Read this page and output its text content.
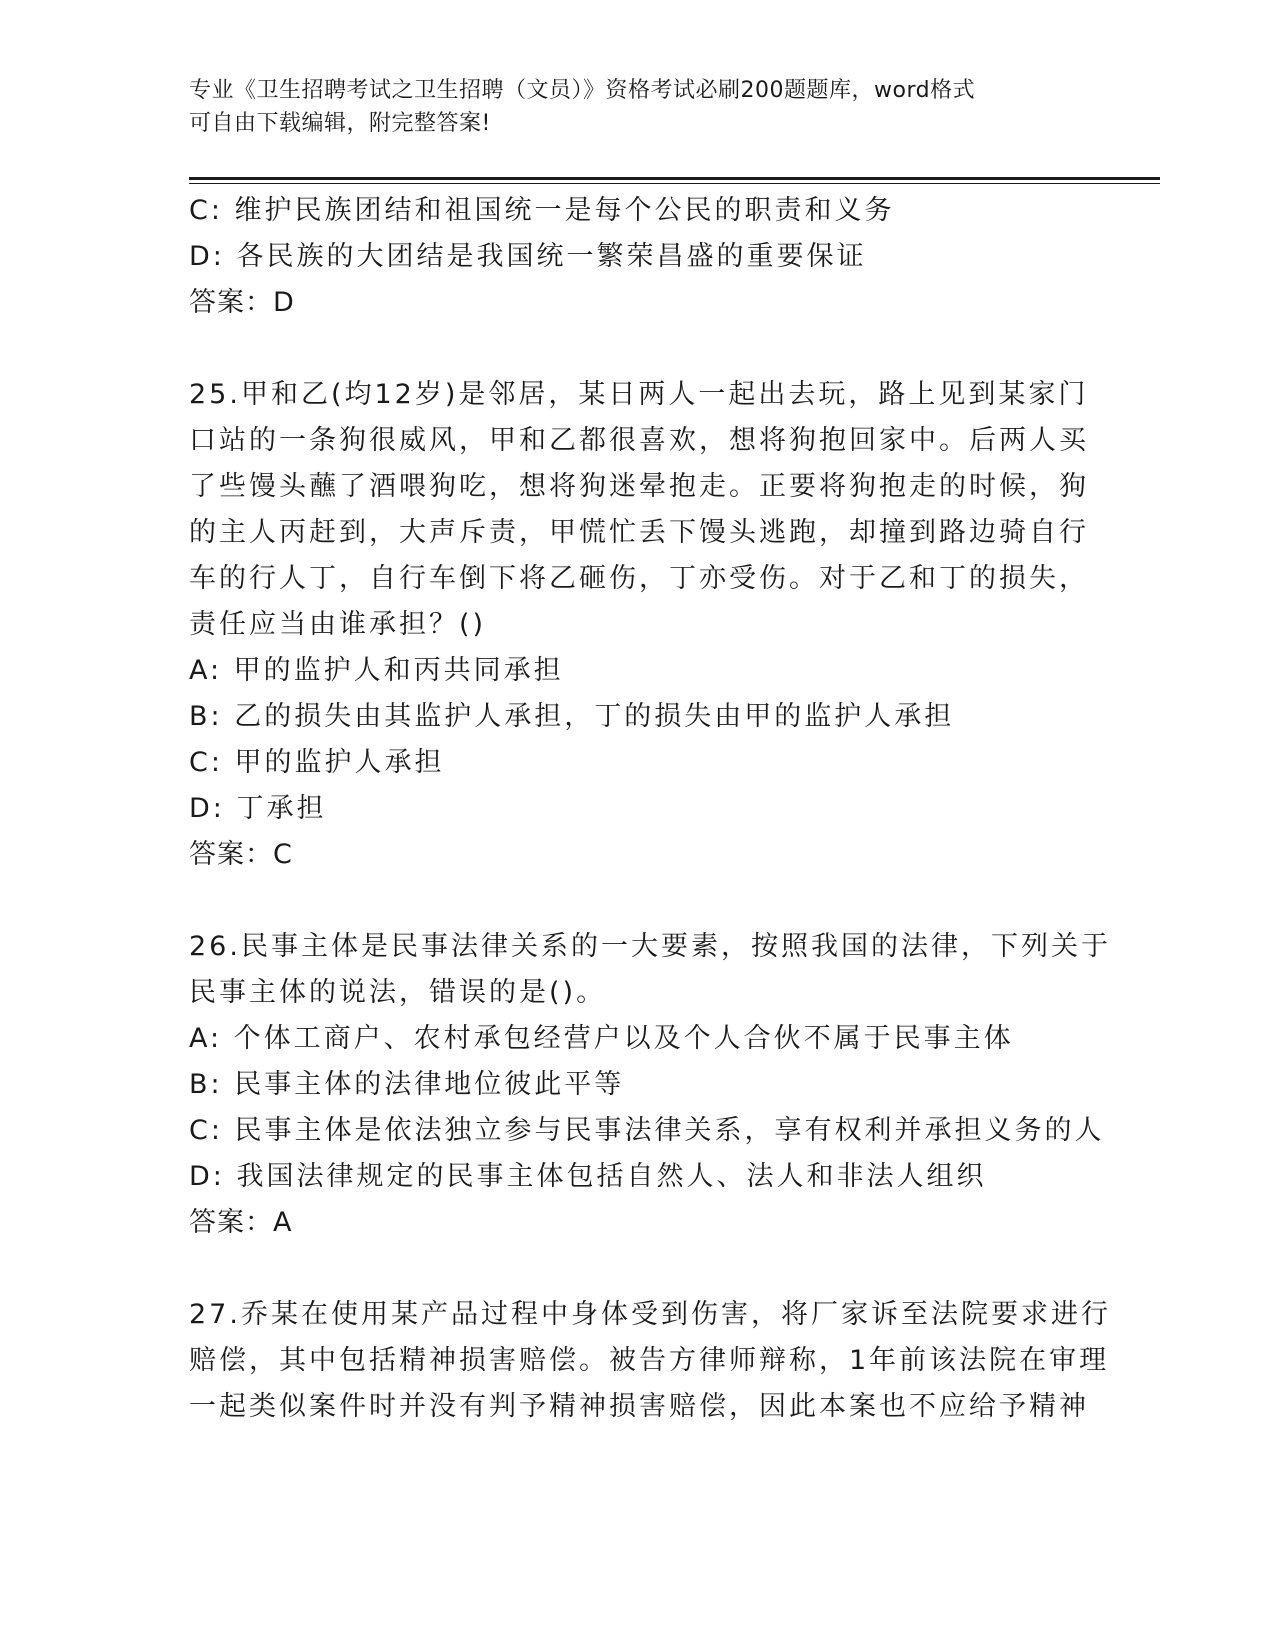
专业《卫生招聘考试之卫生招聘（文员）》资格考试必刷200题题库，word格式
可自由下载编辑，附完整答案!
C: 维护民族团结和祖国统一是每个公民的职责和义务
D: 各民族的大团结是我国统一繁荣昌盛的重要保证
答案：D
25.甲和乙(均12岁)是邻居，某日两人一起出去玩，路上见到某家门
口站的一条狗很威风，甲和乙都很喜欢，想将狗抱回家中。后两人买
了些馒头蘸了酒喂狗吃，想将狗迷晕抱走。正要将狗抱走的时候，狗
的主人丙赶到，大声斥责，甲慌忙丢下馒头逃跑，却撞到路边骑自行
车的行人丁，自行车倒下将乙砸伤，丁亦受伤。对于乙和丁的损失，
责任应当由谁承担？()
A: 甲的监护人和丙共同承担
B: 乙的损失由其监护人承担，丁的损失由甲的监护人承担
C: 甲的监护人承担
D: 丁承担
答案：C
26.民事主体是民事法律关系的一大要素，按照我国的法律，下列关于
民事主体的说法，错误的是()。
A: 个体工商户、农村承包经营户以及个人合伙不属于民事主体
B: 民事主体的法律地位彼此平等
C: 民事主体是依法独立参与民事法律关系，享有权利并承担义务的人
D: 我国法律规定的民事主体包括自然人、法人和非法人组织
答案：A
27.乔某在使用某产品过程中身体受到伤害，将厂家诉至法院要求进行
赔偿，其中包括精神损害赔偿。被告方律师辩称，1年前该法院在审理
一起类似案件时并没有判予精神损害赔偿，因此本案也不应给予精神
